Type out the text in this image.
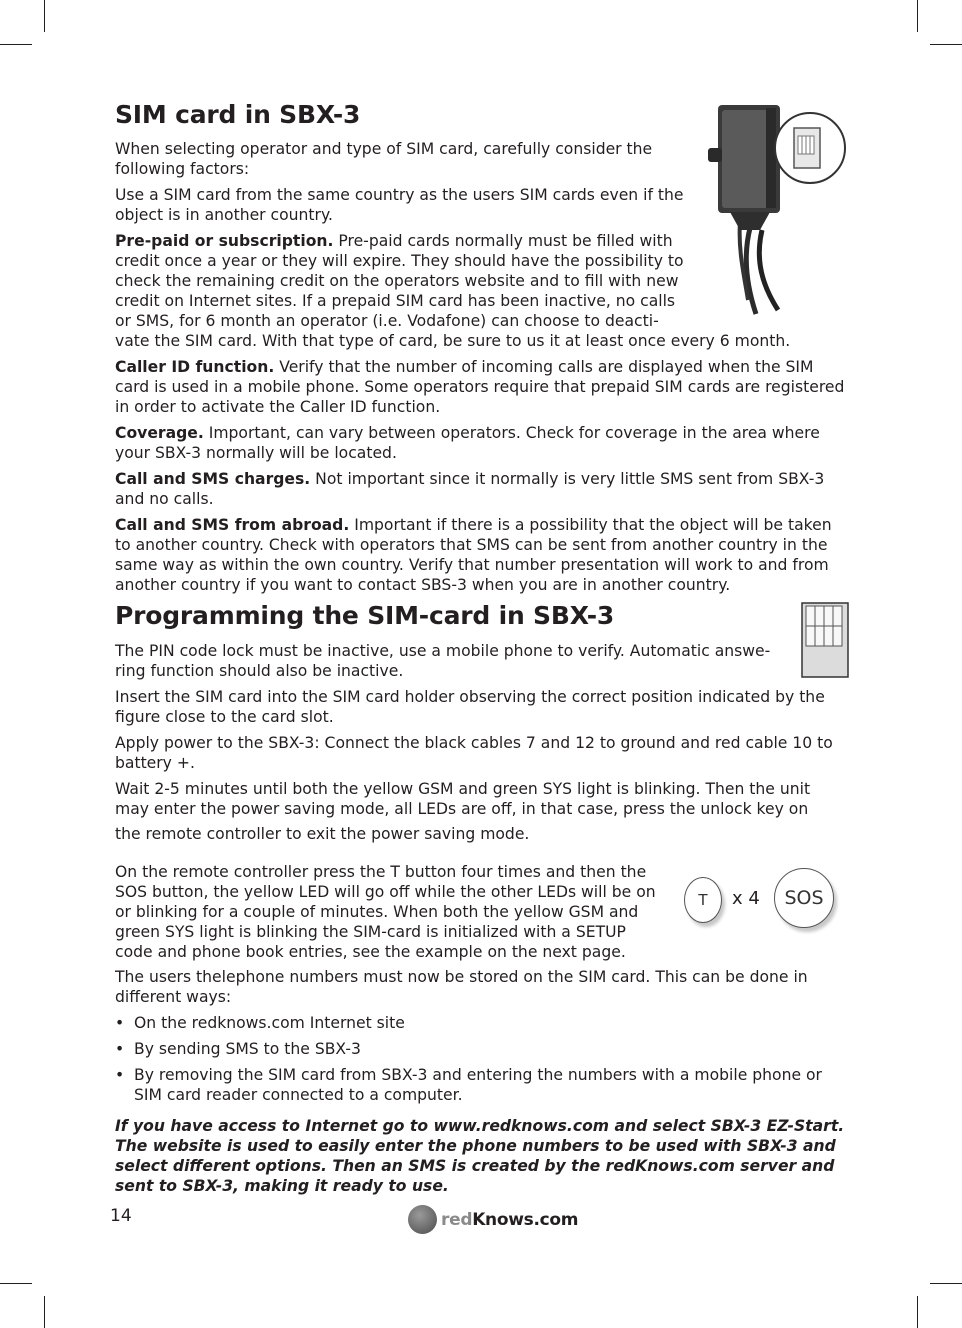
SIM card in SBX-3

When selecting operator and type of SIM card, carefully consider the following factors:

Use a SIM card from the same country as the users SIM cards even if the object is in another country.

Pre-paid or subscription. Pre-paid cards normally must be filled with credit once a year or they will expire. They should have the possibility to check the remaining credit on the operators website and to fill with new credit on Internet sites. If a prepaid SIM card has been inactive, no calls or SMS, for 6 month an operator (i.e. Vodafone) can choose to deacti-

vate the SIM card. With that type of card, be sure to us it at least once every 6 month.

Caller ID function. Verify that the number of incoming calls are displayed when the SIM card is used in a mobile phone. Some operators require that prepaid SIM cards are registered in order to activate the Caller ID function.

Coverage. Important, can vary between operators. Check for coverage in the area where your SBX-3 normally will be located.

Call and SMS charges. Not important since it normally is very little SMS sent from SBX-3 and no calls.

Call and SMS from abroad. Important if there is a possibility that the object will be taken to another country. Check with operators that SMS can be sent from another country in the same way as within the own country. Verify that number presentation will work to and from another country if you want to contact SBS-3 when you are in another country.

Programming the SIM-card in SBX-3

The PIN code lock must be inactive, use a mobile phone to verify. Automatic answe-ring function should also be inactive.

Insert the SIM card into the SIM card holder observing the correct position indicated by the figure close to the card slot.

Apply power to the SBX-3: Connect the black cables 7 and 12 to ground and red cable 10 to battery +.

Wait 2-5 minutes until both the yellow GSM and green SYS light is blinking. Then the unit may enter the power saving mode, all LEDs are off, in that case, press the unlock key on

the remote controller to exit the power saving mode.

On the remote controller press the T button four times and then the SOS button, the yellow LED will go off while the other LEDs will be on or blinking for a couple of minutes. When both the yellow GSM and green SYS light is blinking the SIM-card is initialized with a SETUP code and phone book entries, see the example on the next page.

The users thelephone numbers must now be stored on the SIM card. This can be done in different ways:

• On the redknows.com Internet site
• By sending SMS to the SBX-3
• By removing the SIM card from SBX-3 and entering the numbers with a mobile phone or SIM card reader connected to a computer.

If you have access to Internet go to www.redknows.com and select SBX-3 EZ-Start. The website is used to easily enter the phone numbers to be used with SBX-3 and select different options. Then an SMS is created by the redKnows.com server and sent to SBX-3, making it ready to use.

T x 4 SOS
14	redKnows.com
